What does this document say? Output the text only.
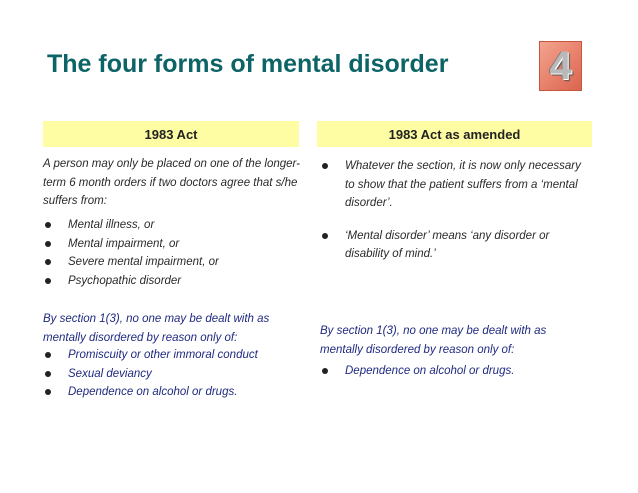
The four forms of mental disorder	4
1983 Act
A person may only be placed on one of the longer-term 6 month orders if two doctors agree that s/he suffers from:
Mental illness, or
Mental impairment, or
Severe mental impairment, or
Psychopathic disorder
By section 1(3), no one may be dealt with as mentally disordered by reason only of:
Promiscuity or other immoral conduct
Sexual deviancy
Dependence on alcohol or drugs.
1983 Act as amended
Whatever the section, it is now only necessary to show that the patient suffers from a ‘mental disorder’.
‘Mental disorder’ means ‘any disorder or disability of mind.’
By section 1(3), no one may be dealt with as mentally disordered by reason only of:
Dependence on alcohol or drugs.
